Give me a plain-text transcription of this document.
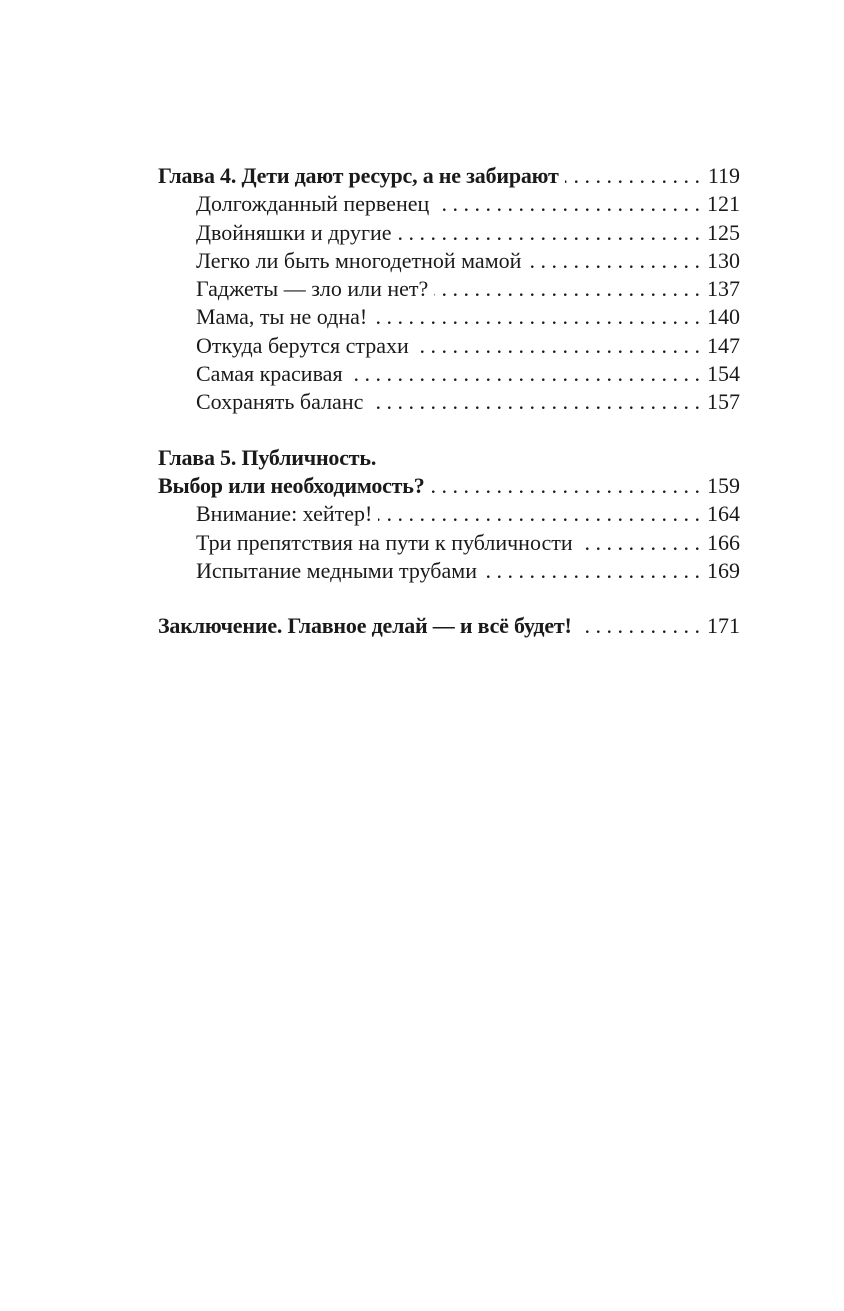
Глава 4. Дети дают ресурс, а не забирают . . .	119
Долгожданный первенец . . .	121
Двойняшки и другие . . .	125
Легко ли быть многодетной мамой . . .	130
Гаджеты — зло или нет? . . .	137
Мама, ты не одна! . . .	140
Откуда берутся страхи . . .	147
Самая красивая . . .	154
Сохранять баланс . . .	157
Глава 5. Публичность.
Выбор или необходимость? . . .	159
Внимание: хейтер! . . .	164
Три препятствия на пути к публичности . . .	166
Испытание медными трубами . . .	169
Заключение. Главное делай — и всё будет! . . .	171
